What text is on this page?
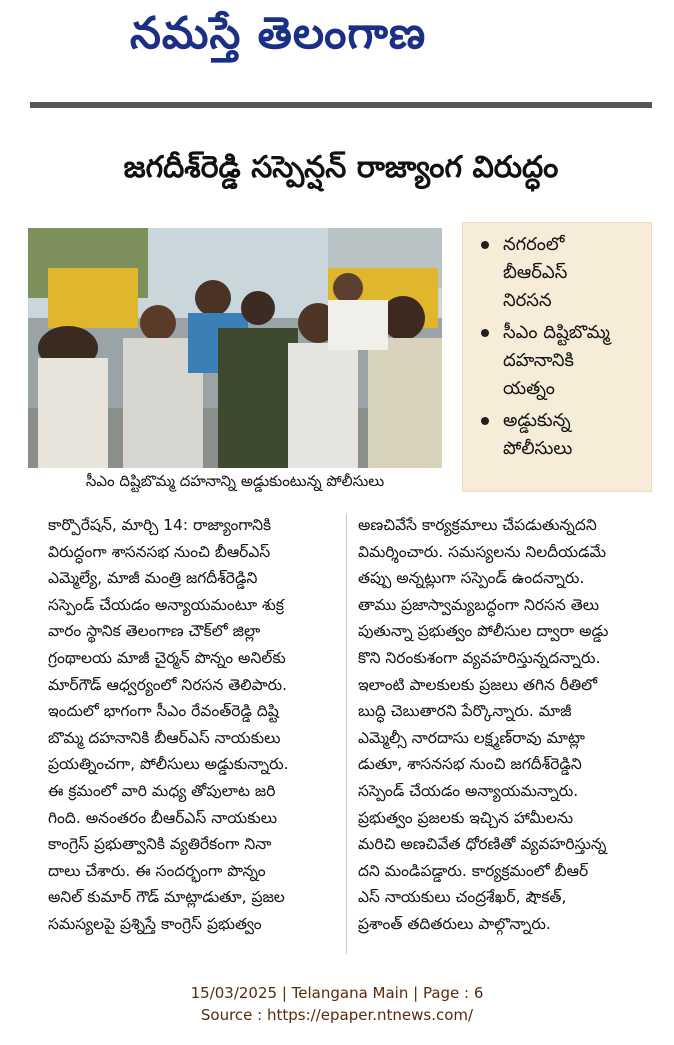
నమస్తే తెలంగాణ
జగదీశ్‌రెడ్డి సస్పెన్షన్‌ రాజ్యాంగ విరుద్ధం
సీఎం దిష్టిబొమ్మ దహనాన్ని అడ్డుకుంటున్న పోలీసులు
నగరంలో
బీఆర్‌ఎస్‌
నిరసన
సీఎం దిష్టిబొమ్మ
దహనానికి
యత్నం
అడ్డుకున్న
పోలీసులు
కార్పొరేషన్‌, మార్చి 14: రాజ్యాంగానికి
విరుద్ధంగా శాసనసభ నుంచి బీఆర్‌ఎస్‌
ఎమ్మెల్యే, మాజీ మంత్రి జగదీశ్‌రెడ్డిని
సస్పెండ్‌ చేయడం అన్యాయమంటూ శుక్ర
వారం స్థానిక తెలంగాణ చౌక్‌లో జిల్లా
గ్రంథాలయ మాజీ చైర్మన్‌ పొన్నం అనిల్‌కు
మార్‌గౌడ్‌ ఆధ్వర్యంలో నిరసన తెలిపారు.
ఇందులో భాగంగా సీఎం రేవంత్‌రెడ్డి దిష్టి
బొమ్మ దహనానికి బీఆర్‌ఎస్‌ నాయకులు
ప్రయత్నించగా, పోలీసులు అడ్డుకున్నారు.
ఈ క్రమంలో వారి మధ్య తోపులాట జరి
గింది. అనంతరం బీఆర్‌ఎస్‌ నాయకులు
కాంగ్రెస్‌ ప్రభుత్వానికి వ్యతిరేకంగా నినా
దాలు చేశారు. ఈ సందర్భంగా పొన్నం
అనిల్‌ కుమార్‌ గౌడ్‌ మాట్లాడుతూ, ప్రజల
సమస్యలపై ప్రశ్నిస్తే కాంగ్రెస్‌ ప్రభుత్వం
అణచివేసే కార్యక్రమాలు చేపడుతున్నదని
విమర్శించారు. సమస్యలను నిలదీయడమే
తప్పు అన్నట్లుగా సస్పెండ్‌ ఉందన్నారు.
తాము ప్రజాస్వామ్యబద్ధంగా నిరసన తెలు
పుతున్నా ప్రభుత్వం పోలీసుల ద్వారా అడ్డు
కొని నిరంకుశంగా వ్యవహరిస్తున్నదన్నారు.
ఇలాంటి పాలకులకు ప్రజలు తగిన రీతిలో
బుద్ధి చెబుతారని పేర్కొన్నారు. మాజీ
ఎమ్మెల్సీ నారదాసు లక్ష్మణ్‌రావు మాట్లా
డుతూ, శాసనసభ నుంచి జగదీశ్‌రెడ్డిని
సస్పెండ్‌ చేయడం అన్యాయమన్నారు.
ప్రభుత్వం ప్రజలకు ఇచ్చిన హామీలను
మరిచి అణచివేత ధోరణితో వ్యవహరిస్తున్న
దని మండిపడ్డారు. కార్యక్రమంలో బీఆర్‌
ఎస్‌ నాయకులు చంద్రశేఖర్‌, షౌకత్‌,
ప్రశాంత్‌ తదితరులు పాల్గొన్నారు.
15/03/2025 | Telangana Main | Page : 6
Source : https://epaper.ntnews.com/
